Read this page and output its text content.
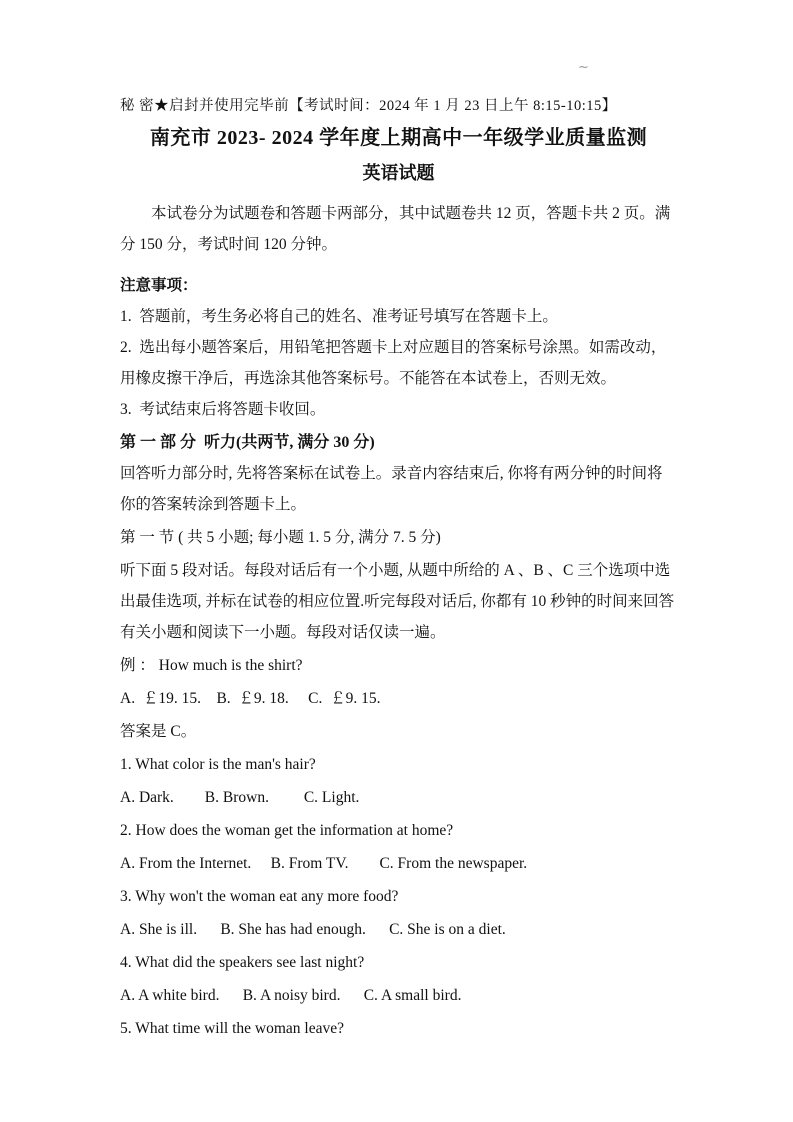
~

秘 密★启封并使用完毕前【考试时间：2024 年 1 月 23 日上午 8:15-10:15】

南充市 2023- 2024 学年度上期高中一年级学业质量监测

英语试题

本试卷分为试题卷和答题卡两部分，其中试题卷共 12 页，答题卡共 2 页。满分 150 分，考试时间 120 分钟。

注意事项：

1.  答题前，考生务必将自己的姓名、准考证号填写在答题卡上。

2.  选出每小题答案后，用铅笔把答题卡上对应题目的答案标号涂黑。如需改动，用橡皮擦干净后，再选涂其他答案标号。不能答在本试卷上，否则无效。

3.  考试结束后将答题卡收回。

第 一 部 分  听力(共两节, 满分 30 分)

回答听力部分时, 先将答案标在试卷上。录音内容结束后, 你将有两分钟的时间将你的答案转涂到答题卡上。

第 一 节 ( 共 5 小题; 每小题 1. 5 分, 满分 7. 5 分)

听下面 5 段对话。每段对话后有一个小题, 从题中所给的 A 、B 、C 三个选项中选出最佳选项, 并标在试卷的相应位置.听完每段对话后, 你都有 10 秒钟的时间来回答有关小题和阅读下一小题。每段对话仅读一遍。

例 ： How much is the shirt?

A.  ￡19. 15.    B.  ￡9. 18.     C.  ￡9. 15.

答案是 C。

1. What color is the man's hair?

A. Dark.        B. Brown.         C. Light.

2. How does the woman get the information at home?

A. From the Internet.     B. From TV.        C. From the newspaper.

3. Why won't the woman eat any more food?

A. She is ill.      B. She has had enough.      C. She is on a diet.

4. What did the speakers see last night?

A. A white bird.      B. A noisy bird.      C. A small bird.

5. What time will the woman leave?
